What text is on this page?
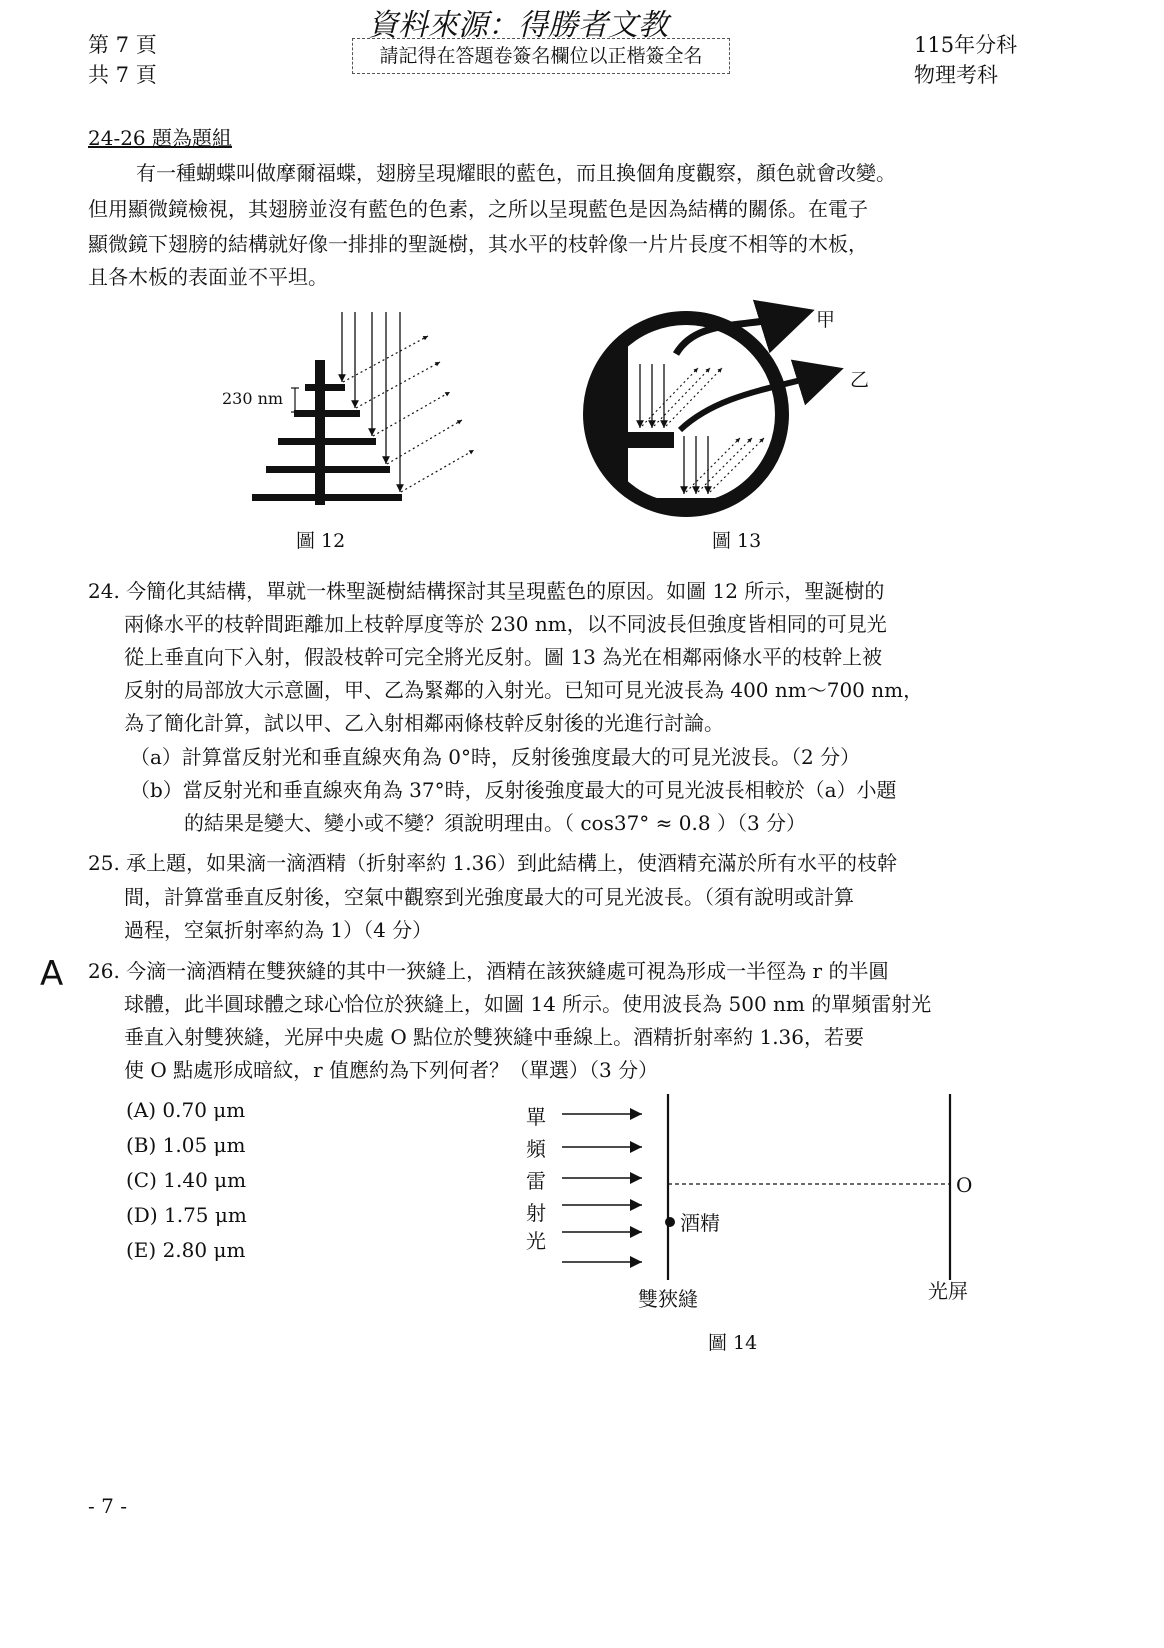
第 7 頁
共 7 頁
資料來源：得勝者文教
請記得在答題卷簽名欄位以正楷簽全名	115年分科
物理考科
24-26 題為題組
有一種蝴蝶叫做摩爾福蝶，翅膀呈現耀眼的藍色，而且換個角度觀察，顏色就會改變。
但用顯微鏡檢視，其翅膀並沒有藍色的色素，之所以呈現藍色是因為結構的關係。在電子
顯微鏡下翅膀的結構就好像一排排的聖誕樹，其水平的枝幹像一片片長度不相等的木板，
且各木板的表面並不平坦。
230 nm
圖 12
甲
乙
圖 13
24. 今簡化其結構，單就一株聖誕樹結構探討其呈現藍色的原因。如圖 12 所示，聖誕樹的
兩條水平的枝幹間距離加上枝幹厚度等於 230 nm，以不同波長但強度皆相同的可見光
從上垂直向下入射，假設枝幹可完全將光反射。圖 13 為光在相鄰兩條水平的枝幹上被
反射的局部放大示意圖，甲、乙為緊鄰的入射光。已知可見光波長為 400 nm～700 nm，
為了簡化計算，試以甲、乙入射相鄰兩條枝幹反射後的光進行討論。
（a）計算當反射光和垂直線夾角為 0°時，反射後強度最大的可見光波長。（2 分）
（b）當反射光和垂直線夾角為 37°時，反射後強度最大的可見光波長相較於（a）小題
的結果是變大、變小或不變？須說明理由。（ cos37° ≈ 0.8 ）（3 分）
25. 承上題，如果滴一滴酒精（折射率約 1.36）到此結構上，使酒精充滿於所有水平的枝幹
間，計算當垂直反射後，空氣中觀察到光強度最大的可見光波長。（須有說明或計算
過程，空氣折射率約為 1）（4 分）
A 26. 今滴一滴酒精在雙狹縫的其中一狹縫上，酒精在該狹縫處可視為形成一半徑為 r 的半圓
球體，此半圓球體之球心恰位於狹縫上，如圖 14 所示。使用波長為 500 nm 的單頻雷射光
垂直入射雙狹縫，光屏中央處 O 點位於雙狹縫中垂線上。酒精折射率約 1.36，若要
使 O 點處形成暗紋，r 值應約為下列何者？（單選）（3 分）
(A) 0.70 μm
(B) 1.05 μm
(C) 1.40 μm
(D) 1.75 μm
(E) 2.80 μm
單
頻
雷
射
光
O
酒精
雙狹縫	光屏
圖 14
- 7 -
